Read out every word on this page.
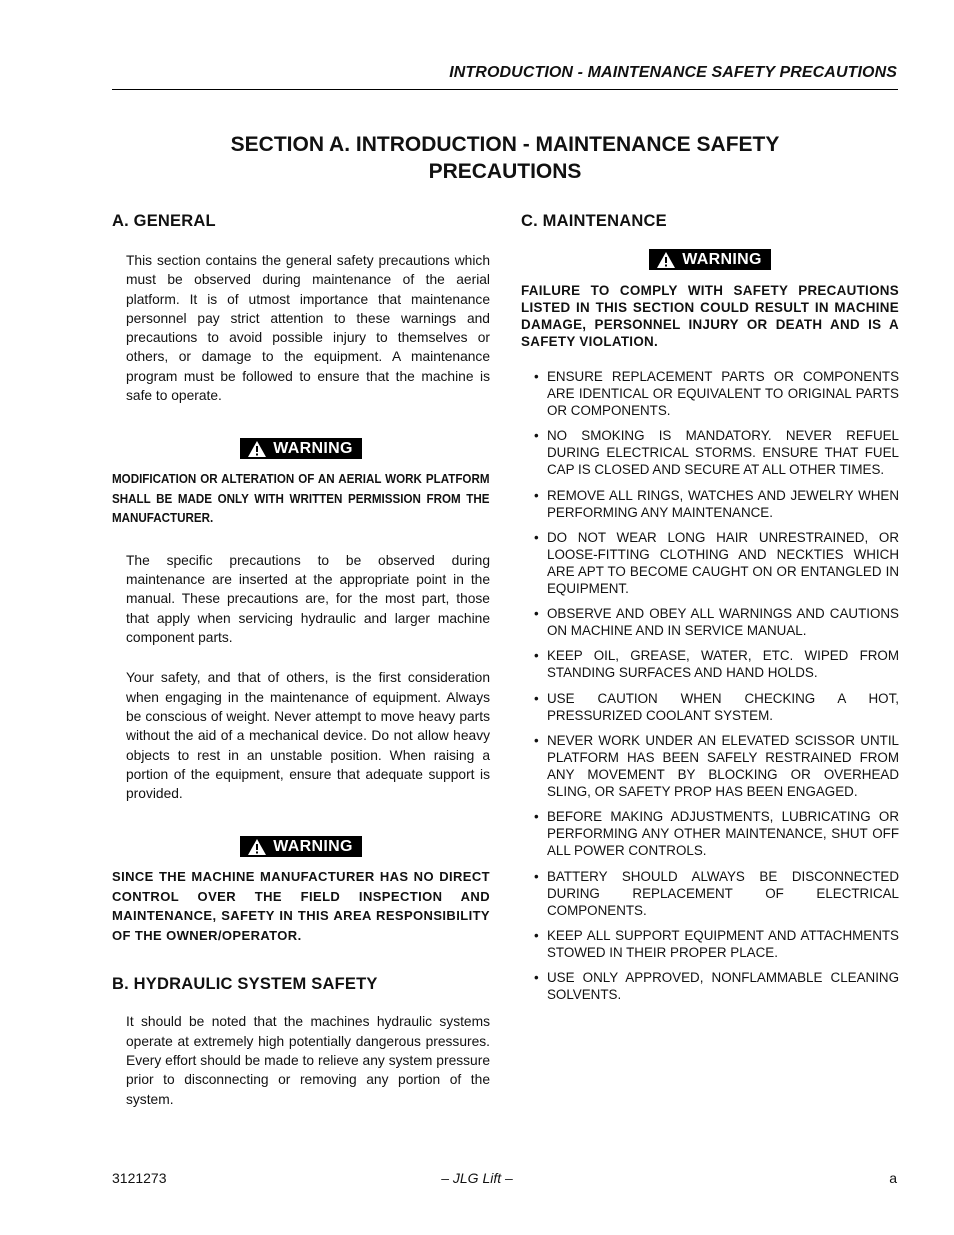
INTRODUCTION - MAINTENANCE SAFETY PRECAUTIONS
SECTION A. INTRODUCTION - MAINTENANCE SAFETY
PRECAUTIONS
A. GENERAL

This section contains the general safety precautions which must be observed during maintenance of the aerial platform. It is of utmost importance that maintenance personnel pay strict attention to these warnings and precautions to avoid possible injury to themselves or others, or damage to the equipment. A maintenance program must be followed to ensure that the machine is safe to operate.

WARNING

MODIFICATION OR ALTERATION OF AN AERIAL WORK PLATFORM SHALL BE MADE ONLY WITH WRITTEN PERMISSION FROM THE MANUFACTURER.

The specific precautions to be observed during maintenance are inserted at the appropriate point in the manual. These precautions are, for the most part, those that apply when servicing hydraulic and larger machine component parts.

Your safety, and that of others, is the first consideration when engaging in the maintenance of equipment. Always be conscious of weight. Never attempt to move heavy parts without the aid of a mechanical device. Do not allow heavy objects to rest in an unstable position. When raising a portion of the equipment, ensure that adequate support is provided.

WARNING

SINCE THE MACHINE MANUFACTURER HAS NO DIRECT CONTROL OVER THE FIELD INSPECTION AND MAINTENANCE, SAFETY IN THIS AREA RESPONSIBILITY OF THE OWNER/OPERATOR.

B. HYDRAULIC SYSTEM SAFETY

It should be noted that the machines hydraulic systems operate at extremely high potentially dangerous pressures. Every effort should be made to relieve any system pressure prior to disconnecting or removing any portion of the system.

C. MAINTENANCE
WARNING

FAILURE TO COMPLY WITH SAFETY PRECAUTIONS LISTED IN THIS SECTION COULD RESULT IN MACHINE DAMAGE, PERSONNEL INJURY OR DEATH AND IS A SAFETY VIOLATION.

• ENSURE REPLACEMENT PARTS OR COMPONENTS ARE IDENTICAL OR EQUIVALENT TO ORIGINAL PARTS OR COMPONENTS.
• NO SMOKING IS MANDATORY. NEVER REFUEL DURING ELECTRICAL STORMS. ENSURE THAT FUEL CAP IS CLOSED AND SECURE AT ALL OTHER TIMES.
• REMOVE ALL RINGS, WATCHES AND JEWELRY WHEN PERFORMING ANY MAINTENANCE.
• DO NOT WEAR LONG HAIR UNRESTRAINED, OR LOOSE-FITTING CLOTHING AND NECKTIES WHICH ARE APT TO BECOME CAUGHT ON OR ENTANGLED IN EQUIPMENT.
• OBSERVE AND OBEY ALL WARNINGS AND CAUTIONS ON MACHINE AND IN SERVICE MANUAL.
• KEEP OIL, GREASE, WATER, ETC. WIPED FROM STANDING SURFACES AND HAND HOLDS.
• USE CAUTION WHEN CHECKING A HOT, PRESSURIZED COOLANT SYSTEM.
• NEVER WORK UNDER AN ELEVATED SCISSOR UNTIL PLATFORM HAS BEEN SAFELY RESTRAINED FROM ANY MOVEMENT BY BLOCKING OR OVERHEAD SLING, OR SAFETY PROP HAS BEEN ENGAGED.
• BEFORE MAKING ADJUSTMENTS, LUBRICATING OR PERFORMING ANY OTHER MAINTENANCE, SHUT OFF ALL POWER CONTROLS.
• BATTERY SHOULD ALWAYS BE DISCONNECTED DURING REPLACEMENT OF ELECTRICAL COMPONENTS.
• KEEP ALL SUPPORT EQUIPMENT AND ATTACHMENTS STOWED IN THEIR PROPER PLACE.
• USE ONLY APPROVED, NONFLAMMABLE CLEANING SOLVENTS.
3121273	– JLG Lift –	a
